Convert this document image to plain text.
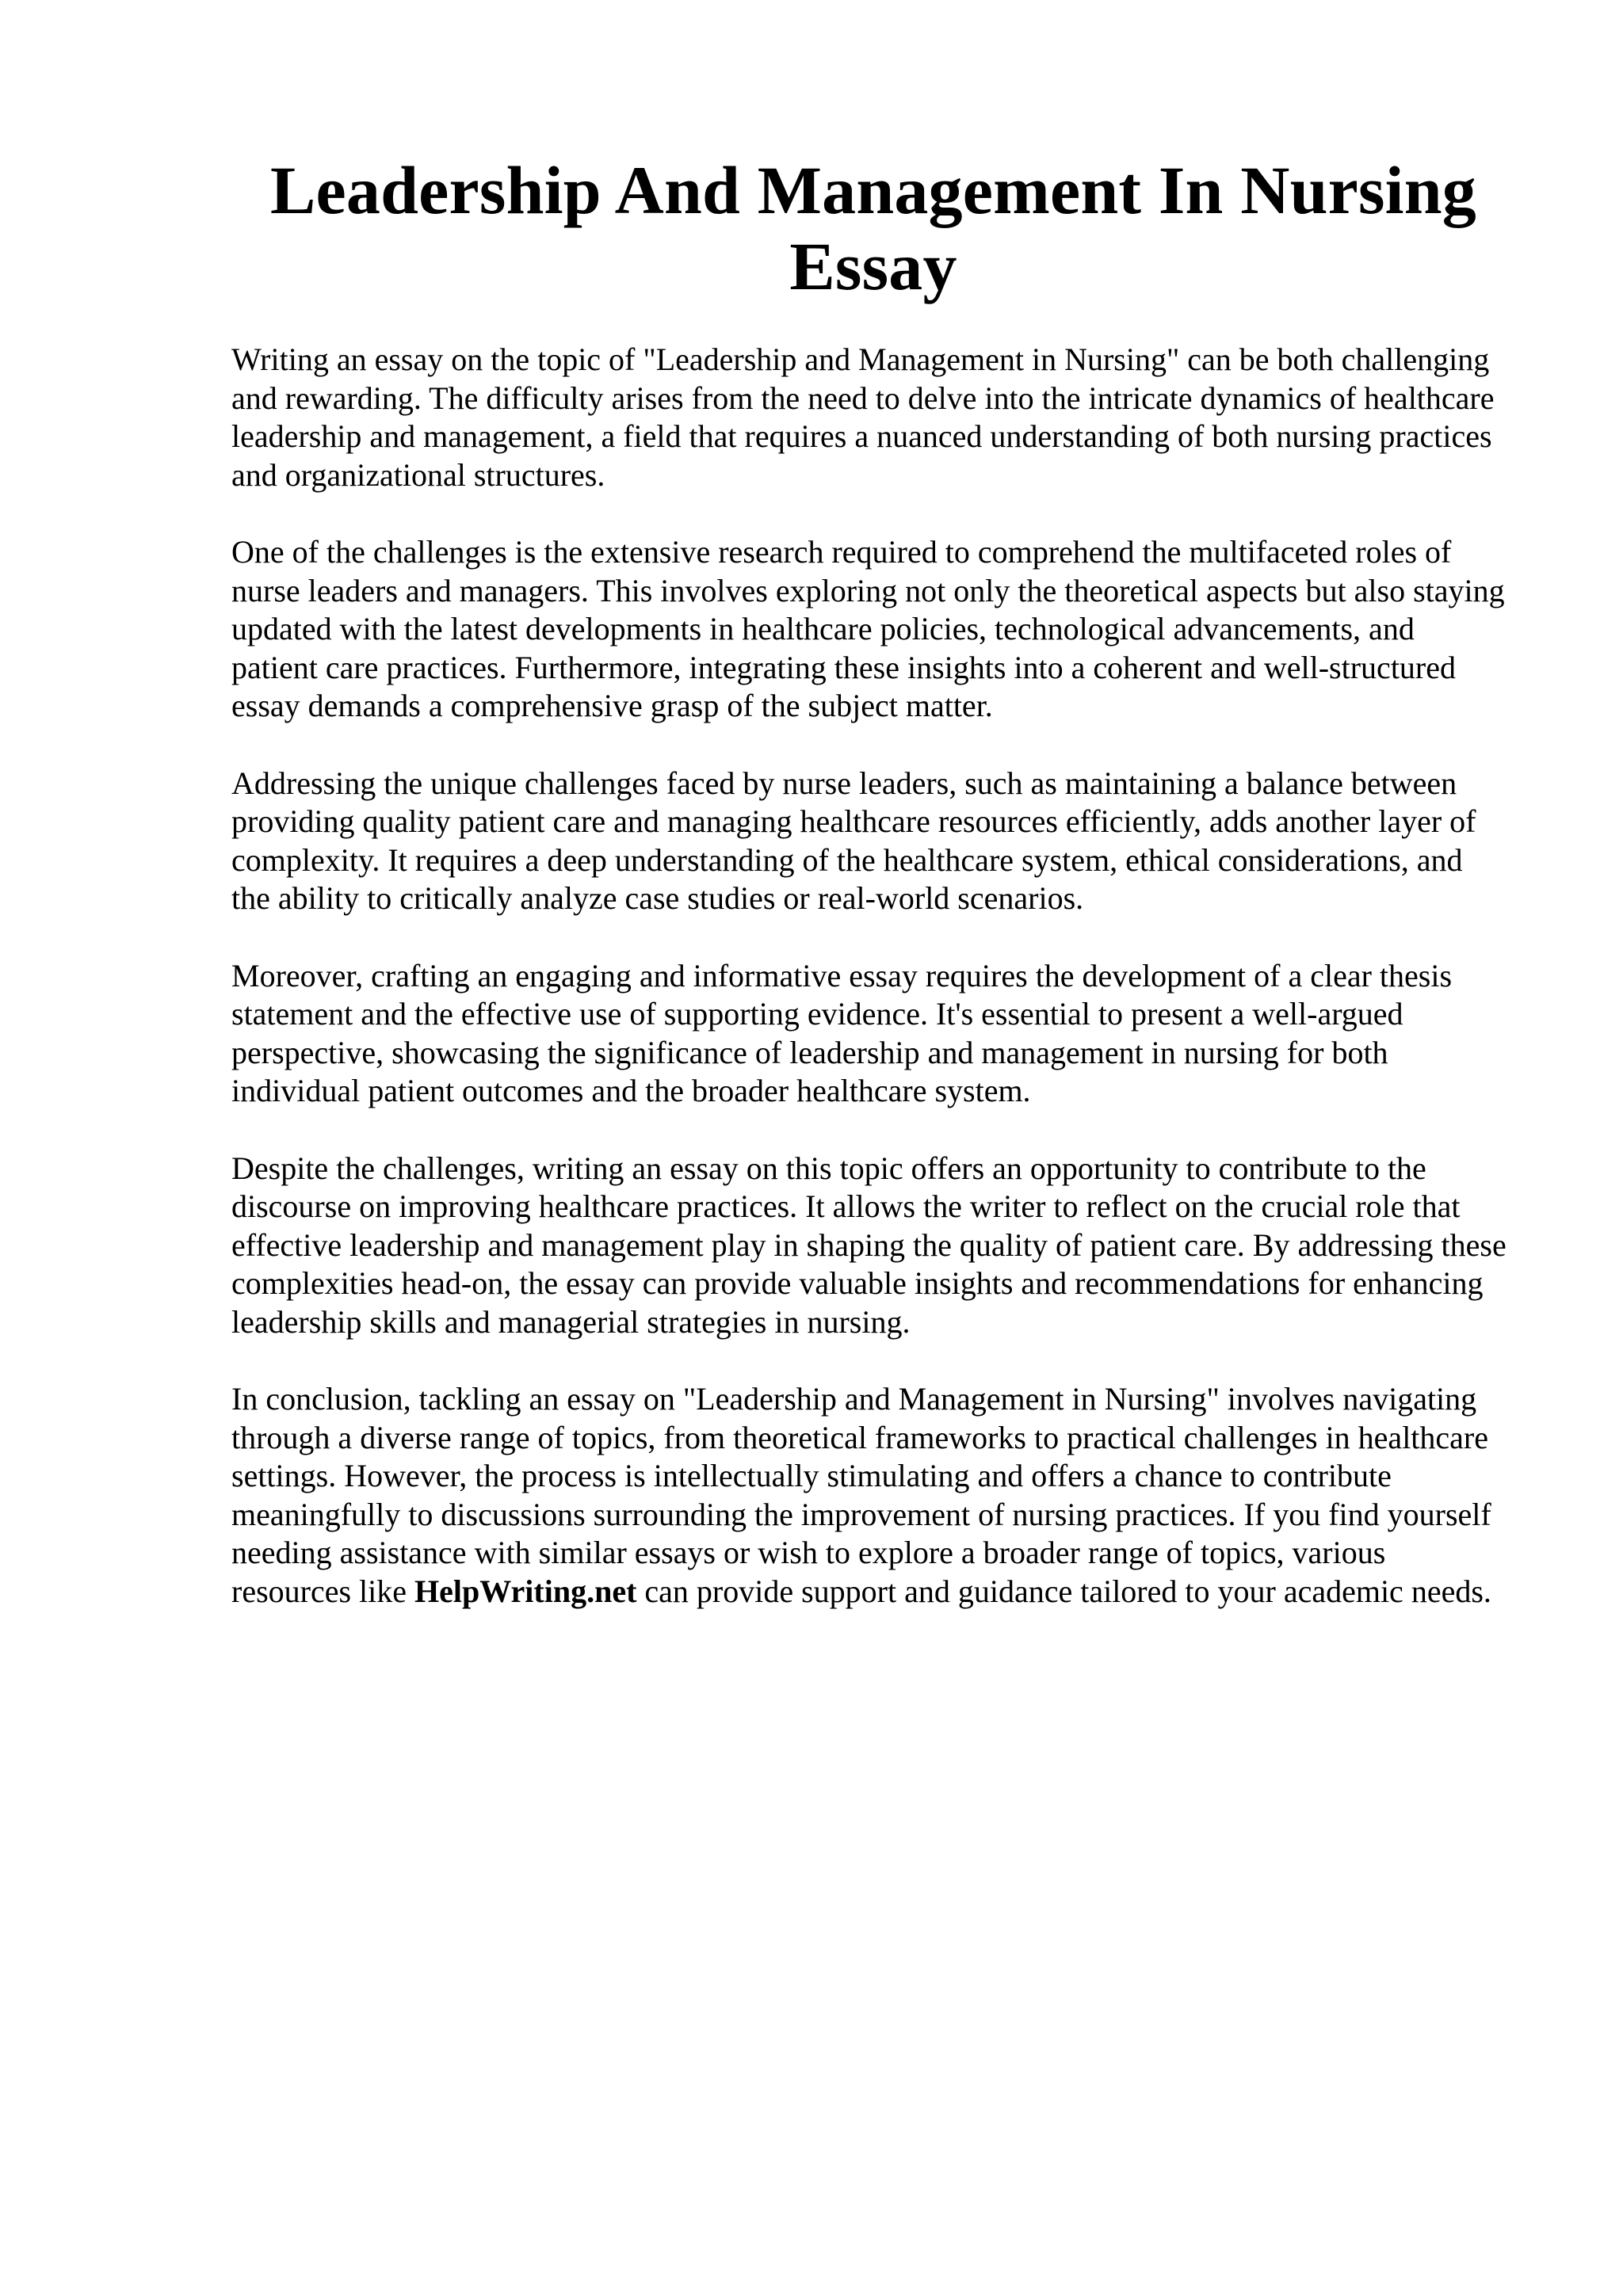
Leadership And Management In Nursing Essay

Writing an essay on the topic of "Leadership and Management in Nursing" can be both challenging and rewarding. The difficulty arises from the need to delve into the intricate dynamics of healthcare leadership and management, a field that requires a nuanced understanding of both nursing practices and organizational structures.

One of the challenges is the extensive research required to comprehend the multifaceted roles of nurse leaders and managers. This involves exploring not only the theoretical aspects but also staying updated with the latest developments in healthcare policies, technological advancements, and patient care practices. Furthermore, integrating these insights into a coherent and well-structured essay demands a comprehensive grasp of the subject matter.

Addressing the unique challenges faced by nurse leaders, such as maintaining a balance between providing quality patient care and managing healthcare resources efficiently, adds another layer of complexity. It requires a deep understanding of the healthcare system, ethical considerations, and the ability to critically analyze case studies or real-world scenarios.

Moreover, crafting an engaging and informative essay requires the development of a clear thesis statement and the effective use of supporting evidence. It's essential to present a well-argued perspective, showcasing the significance of leadership and management in nursing for both individual patient outcomes and the broader healthcare system.

Despite the challenges, writing an essay on this topic offers an opportunity to contribute to the discourse on improving healthcare practices. It allows the writer to reflect on the crucial role that effective leadership and management play in shaping the quality of patient care. By addressing these complexities head-on, the essay can provide valuable insights and recommendations for enhancing leadership skills and managerial strategies in nursing.

In conclusion, tackling an essay on "Leadership and Management in Nursing" involves navigating through a diverse range of topics, from theoretical frameworks to practical challenges in healthcare settings. However, the process is intellectually stimulating and offers a chance to contribute meaningfully to discussions surrounding the improvement of nursing practices. If you find yourself needing assistance with similar essays or wish to explore a broader range of topics, various resources like HelpWriting.net can provide support and guidance tailored to your academic needs.
